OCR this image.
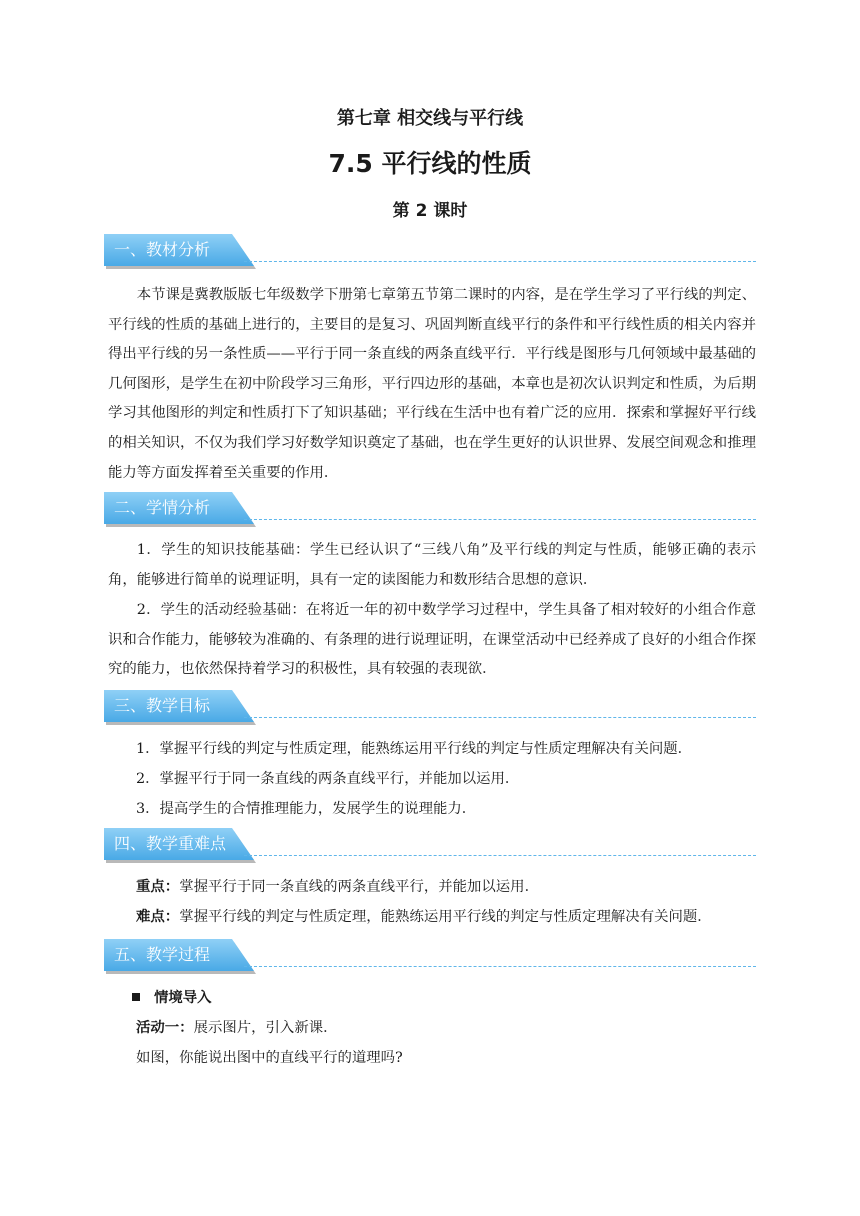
第七章 相交线与平行线
7.5 平行线的性质
第 2 课时
一、教材分析
本节课是冀教版版七年级数学下册第七章第五节第二课时的内容，是在学生学习了平行线的判定、平行线的性质的基础上进行的，主要目的是复习、巩固判断直线平行的条件和平行线性质的相关内容并得出平行线的另一条性质——平行于同一条直线的两条直线平行．平行线是图形与几何领域中最基础的几何图形，是学生在初中阶段学习三角形，平行四边形的基础，本章也是初次认识判定和性质，为后期学习其他图形的判定和性质打下了知识基础；平行线在生活中也有着广泛的应用．探索和掌握好平行线的相关知识，不仅为我们学习好数学知识奠定了基础，也在学生更好的认识世界、发展空间观念和推理能力等方面发挥着至关重要的作用．
二、学情分析
1．学生的知识技能基础：学生已经认识了“三线八角”及平行线的判定与性质，能够正确的表示角，能够进行简单的说理证明，具有一定的读图能力和数形结合思想的意识．
2．学生的活动经验基础：在将近一年的初中数学学习过程中，学生具备了相对较好的小组合作意识和合作能力，能够较为准确的、有条理的进行说理证明，在课堂活动中已经养成了良好的小组合作探究的能力，也依然保持着学习的积极性，具有较强的表现欲．
三、教学目标
1．掌握平行线的判定与性质定理，能熟练运用平行线的判定与性质定理解决有关问题．
2．掌握平行于同一条直线的两条直线平行，并能加以运用．
3．提高学生的合情推理能力，发展学生的说理能力．
四、教学重难点
重点：掌握平行于同一条直线的两条直线平行，并能加以运用．
难点：掌握平行线的判定与性质定理，能熟练运用平行线的判定与性质定理解决有关问题．
五、教学过程
情境导入
活动一：展示图片，引入新课．
如图，你能说出图中的直线平行的道理吗?
